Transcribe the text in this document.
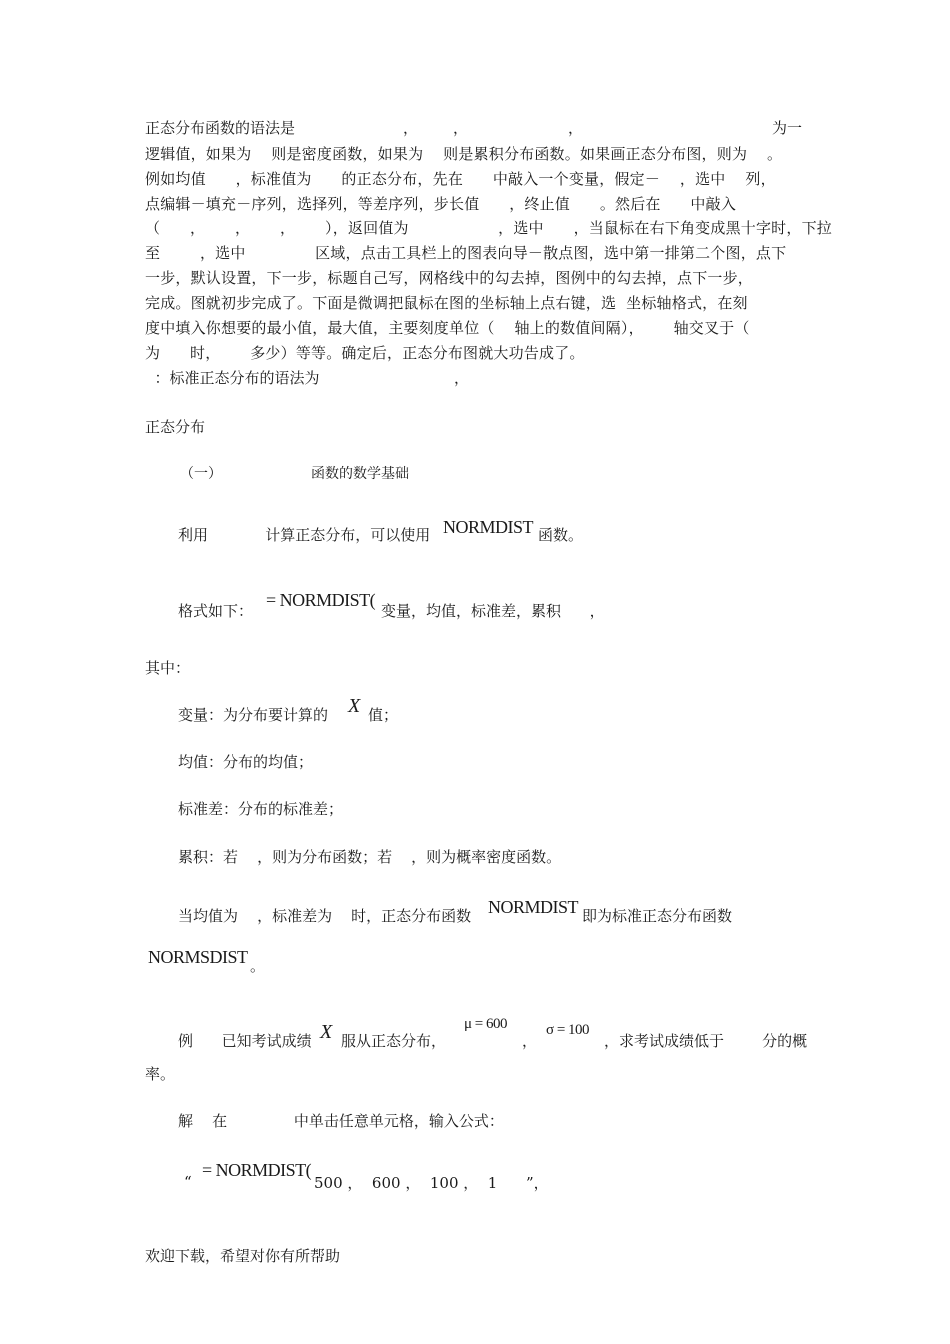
正态分布函数的语法是	， ，	，	为一
逻辑值，如果为    则是密度函数，如果为    则是累积分布函数。如果画正态分布图，则为    。
例如均值      ，标准值为      的正态分布，先在      中敲入一个变量，假定－    ，选中    列，
点编辑－填充－序列，选择列，等差序列，步长值      ，终止值      。然后在      中敲入
（      ，      ，      ，      ），返回值为                  ，选中      ，当鼠标在右下角变成黑十字时，下拉
至        ，选中              区域，点击工具栏上的图表向导－散点图，选中第一排第二个图，点下
一步，默认设置，下一步，标题自己写，网格线中的勾去掉，图例中的勾去掉，点下一步，
完成。图就初步完成了。下面是微调把鼠标在图的坐标轴上点右键，选  坐标轴格式，在刻
度中填入你想要的最小值，最大值，主要刻度单位（    轴上的数值间隔），      轴交叉于（
为      时，      多少）等等。确定后，正态分布图就大功告成了。
：标准正态分布的语法为	，
正态分布
（一）                    函数的数学基础
利用            计算正态分布，可以使用 NORMDIST 函数。
格式如下：
= NORMDIST(
变量，均值，标准差，累积      ，
其中：
变量：为分布要计算的 X 值；
均值：分布的均值；
标准差：分布的标准差；
累积：若    ，则为分布函数；若    ，则为概率密度函数。
当均值为    ，标准差为    时，正态分布函数 NORMDIST 即为标准正态分布函数
NORMSDIST 。
例      已知考试成绩 X 服从正态分布，
μ = 600
，
σ = 100
，求考试成绩低于        分的概
率。
解    在              中单击任意单元格，输入公式：
“
= NORMDIST(
500 ，  600 ，  100 ，  1      ”，
欢迎下载，希望对你有所帮助
